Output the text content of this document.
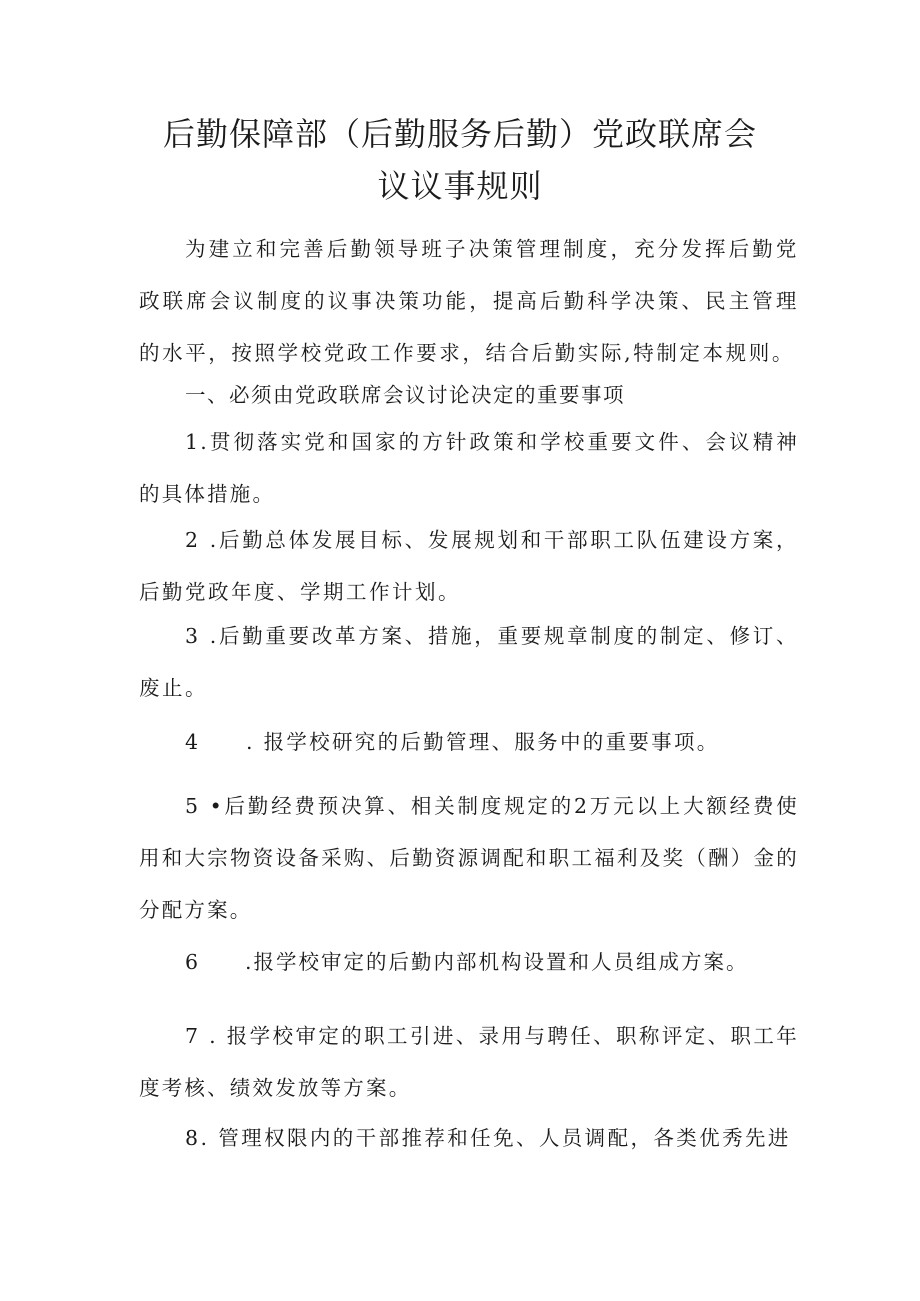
后勤保障部（后勤服务后勤）党政联席会
议议事规则

为建立和完善后勤领导班子决策管理制度，充分发挥后勤党政联席会议制度的议事决策功能，提高后勤科学决策、民主管理的水平，按照学校党政工作要求，结合后勤实际,特制定本规则。

一、必须由党政联席会议讨论决定的重要事项

1.贯彻落实党和国家的方针政策和学校重要文件、会议精神的具体措施。

2 .后勤总体发展目标、发展规划和干部职工队伍建设方案，后勤党政年度、学期工作计划。

3 .后勤重要改革方案、措施，重要规章制度的制定、修订、废止。

4　　. 报学校研究的后勤管理、服务中的重要事项。

5 •后勤经费预决算、相关制度规定的2万元以上大额经费使用和大宗物资设备采购、后勤资源调配和职工福利及奖（酬）金的分配方案。

6　　.报学校审定的后勤内部机构设置和人员组成方案。

7 . 报学校审定的职工引进、录用与聘任、职称评定、职工年度考核、绩效发放等方案。

8. 管理权限内的干部推荐和任免、人员调配，各类优秀先进
